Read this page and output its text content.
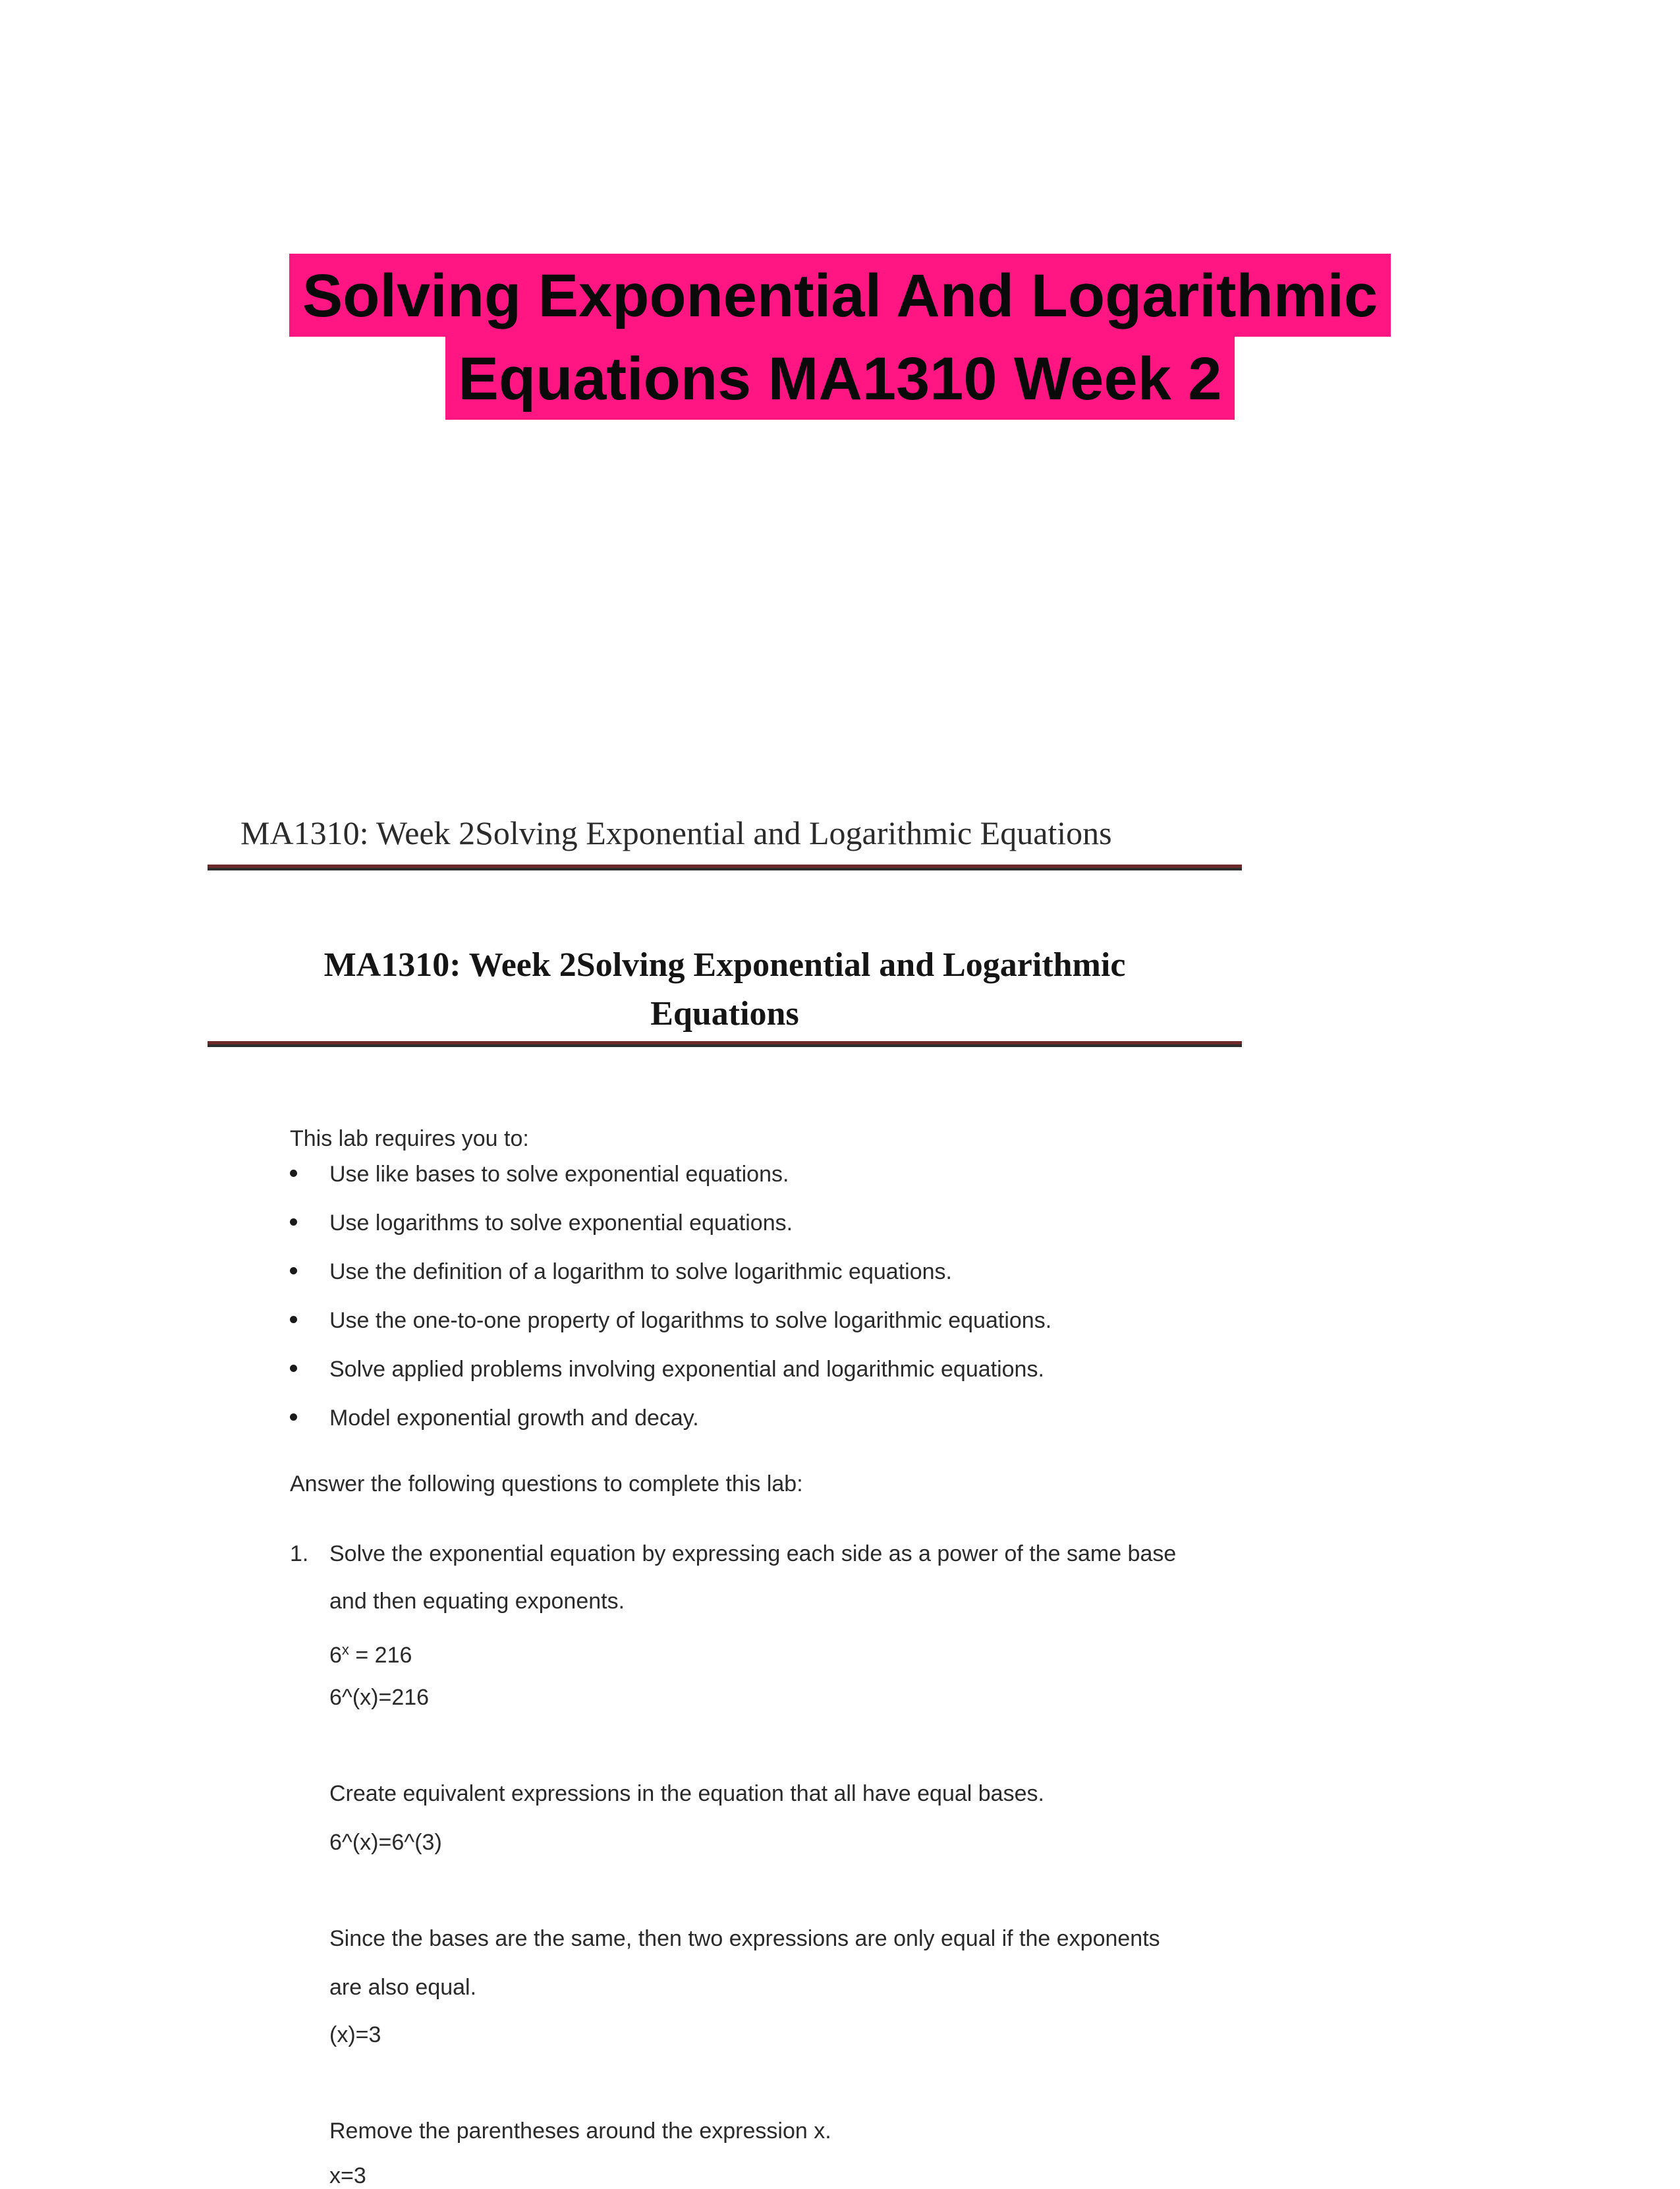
Solving Exponential And Logarithmic
Equations MA1310 Week 2
MA1310: Week 2Solving Exponential and Logarithmic Equations
MA1310: Week 2Solving Exponential and Logarithmic
Equations
This lab requires you to:
Use like bases to solve exponential equations.
Use logarithms to solve exponential equations.
Use the definition of a logarithm to solve logarithmic equations.
Use the one-to-one property of logarithms to solve logarithmic equations.
Solve applied problems involving exponential and logarithmic equations.
Model exponential growth and decay.
Answer the following questions to complete this lab:
1. Solve the exponential equation by expressing each side as a power of the same base
and then equating exponents.
$6^x = 216$
6^(x)=216
Create equivalent expressions in the equation that all have equal bases.
6^(x)=6^(3)
Since the bases are the same, then two expressions are only equal if the exponents
are also equal.
(x)=3
Remove the parentheses around the expression x.
x=3
